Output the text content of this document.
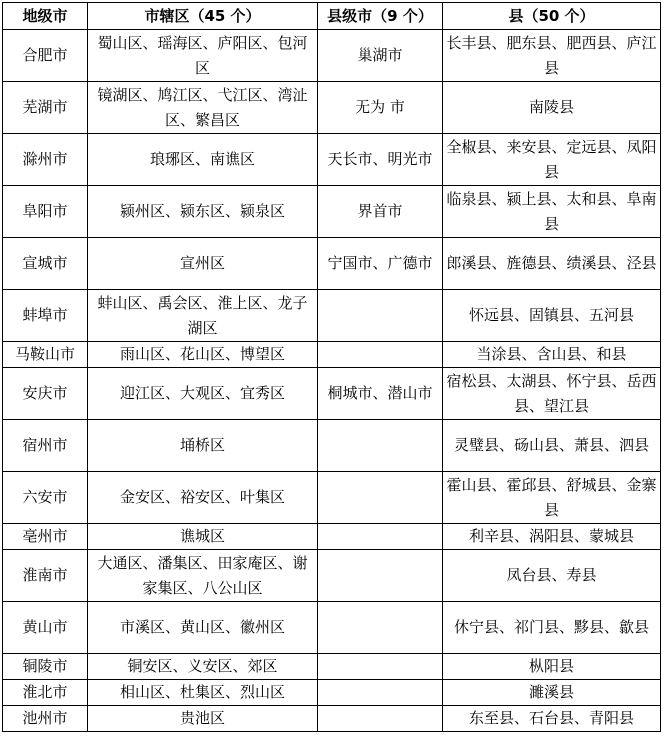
地级市	市辖区（45 个）	县级市（9 个）	县（50 个）
合肥市	蜀山区、瑶海区、庐阳区、包河区	巢湖市	长丰县、肥东县、肥西县、庐江县
芜湖市	镜湖区、鸠江区、弋江区、湾沚区、繁昌区	无为 市	南陵县
滁州市	琅琊区、南谯区	天长市、明光市	全椒县、来安县、定远县、凤阳县
阜阳市	颍州区、颍东区、颍泉区	界首市	临泉县、颍上县、太和县、阜南县
宣城市	宣州区	宁国市、广德市	郎溪县、旌德县、绩溪县、泾县
蚌埠市	蚌山区、禹会区、淮上区、龙子湖区		怀远县、固镇县、五河县
马鞍山市	雨山区、花山区、博望区		当涂县、含山县、和县
安庆市	迎江区、大观区、宜秀区	桐城市、潜山市	宿松县、太湖县、怀宁县、岳西县、望江县
宿州市	埇桥区		灵璧县、砀山县、萧县、泗县
六安市	金安区、裕安区、叶集区		霍山县、霍邱县、舒城县、金寨县
亳州市	谯城区		利辛县、涡阳县、蒙城县
淮南市	大通区、潘集区、田家庵区、谢家集区、八公山区		凤台县、寿县
黄山市	市溪区、黄山区、徽州区		休宁县、祁门县、黟县、歙县
铜陵市	铜安区、义安区、郊区		枞阳县
淮北市	相山区、杜集区、烈山区		濉溪县
池州市	贵池区		东至县、石台县、青阳县
